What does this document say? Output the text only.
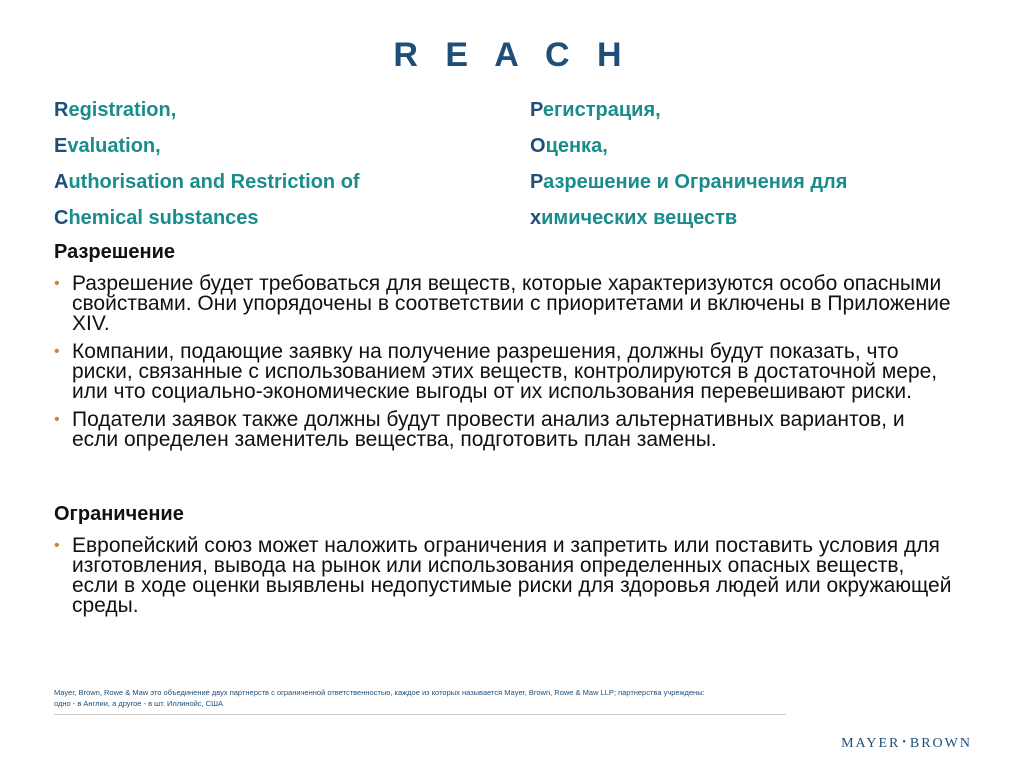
R E A C H
Registration,
Evaluation,
Authorisation and Restriction of
Chemical substances
Регистрация,
Оценка,
Разрешение и Ограничения для
химических веществ
Разрешение
• Разрешение будет требоваться для веществ, которые характеризуются особо опасными свойствами. Они упорядочены в соответствии с приоритетами и включены в Приложение XIV.
• Компании, подающие заявку на получение разрешения, должны будут показать, что риски, связанные с использованием этих веществ, контролируются в достаточной мере, или что социально-экономические выгоды от их использования перевешивают риски.
• Податели заявок также должны будут провести анализ альтернативных вариантов, и если определен заменитель вещества, подготовить план замены.
Ограничение
• Европейский союз может наложить ограничения и запретить или поставить условия для изготовления, вывода на рынок или использования определенных опасных веществ, если в ходе оценки выявлены недопустимые риски для здоровья людей или окружающей среды.
Mayer, Brown, Rowe & Maw это объединение двух партнерств с ограниченной ответственностью, каждое из которых называется Mayer, Brown, Rowe & Maw LLP; партнерства учреждены:
одно - в Англии, а другое - в шт. Иллинойс, США
MAYER • BROWN
